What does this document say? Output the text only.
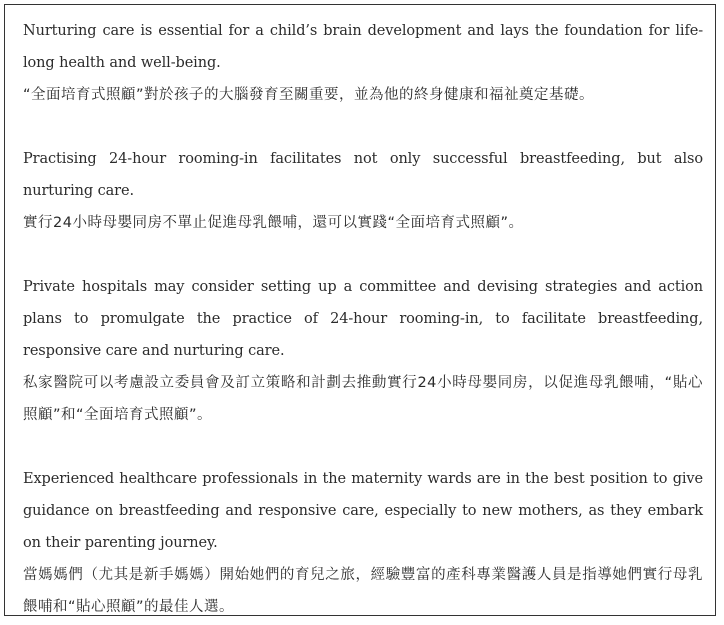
Nurturing care is essential for a child’s brain development and lays the foundation for life-long health and well-being.
“全面培育式照顧”對於孩子的大腦發育至關重要，並為他的終身健康和福祉奠定基礎。
Practising 24-hour rooming-in facilitates not only successful breastfeeding, but also nurturing care.
實行24小時母嬰同房不單止促進母乳餵哺，還可以實踐“全面培育式照顧”。
Private hospitals may consider setting up a committee and devising strategies and action plans to promulgate the practice of 24-hour rooming-in, to facilitate breastfeeding, responsive care and nurturing care.
私家醫院可以考慮設立委員會及訂立策略和計劃去推動實行24小時母嬰同房，以促進母乳餵哺，“貼心照顧”和“全面培育式照顧”。
Experienced healthcare professionals in the maternity wards are in the best position to give guidance on breastfeeding and responsive care, especially to new mothers, as they embark on their parenting journey.
當媽媽們（尤其是新手媽媽）開始她們的育兒之旅，經驗豐富的產科專業醫護人員是指導她們實行母乳餵哺和“貼心照顧”的最佳人選。
